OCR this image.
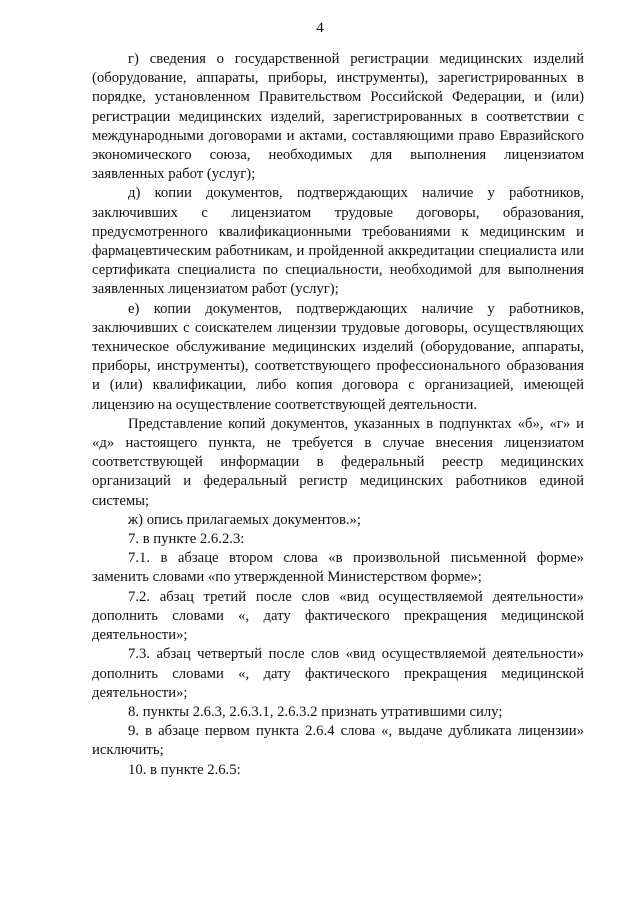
4

г) сведения о государственной регистрации медицинских изделий (оборудование, аппараты, приборы, инструменты), зарегистрированных в порядке, установленном Правительством Российской Федерации, и (или) регистрации медицинских изделий, зарегистрированных в соответствии с международными договорами и актами, составляющими право Евразийского экономического союза, необходимых для выполнения лицензиатом заявленных работ (услуг);

д) копии документов, подтверждающих наличие у работников, заключивших с лицензиатом трудовые договоры, образования, предусмотренного квалификационными требованиями к медицинским и фармацевтическим работникам, и пройденной аккредитации специалиста или сертификата специалиста по специальности, необходимой для выполнения заявленных лицензиатом работ (услуг);

е) копии документов, подтверждающих наличие у работников, заключивших с соискателем лицензии трудовые договоры, осуществляющих техническое обслуживание медицинских изделий (оборудование, аппараты, приборы, инструменты), соответствующего профессионального образования и (или) квалификации, либо копия договора с организацией, имеющей лицензию на осуществление соответствующей деятельности.

Представление копий документов, указанных в подпунктах «б», «г» и «д» настоящего пункта, не требуется в случае внесения лицензиатом соответствующей информации в федеральный реестр медицинских организаций и федеральный регистр медицинских работников единой системы;

ж) опись прилагаемых документов.»;

7. в пункте 2.6.2.3:

7.1. в абзаце втором слова «в произвольной письменной форме» заменить словами «по утвержденной Министерством форме»;

7.2. абзац третий после слов «вид осуществляемой деятельности» дополнить словами «, дату фактического прекращения медицинской деятельности»;

7.3. абзац четвертый после слов «вид осуществляемой деятельности» дополнить словами «, дату фактического прекращения медицинской деятельности»;

8. пункты 2.6.3, 2.6.3.1, 2.6.3.2 признать утратившими силу;

9. в абзаце первом пункта 2.6.4 слова «, выдаче дубликата лицензии» исключить;

10. в пункте 2.6.5:
